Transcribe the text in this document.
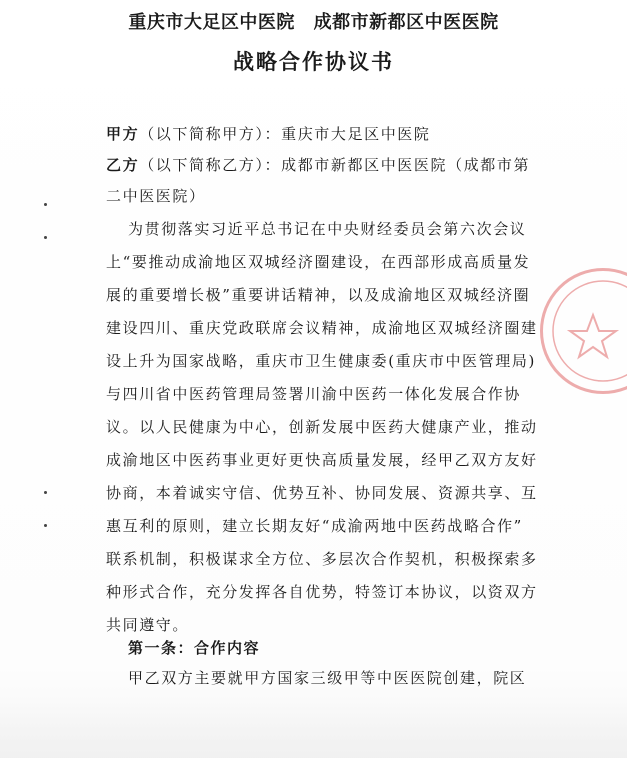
重庆市大足区中医院 成都市新都区中医医院
战略合作协议书
甲方（以下简称甲方）：重庆市大足区中医院
乙方（以下简称乙方）：成都市新都区中医医院（成都市第
二中医医院）
为贯彻落实习近平总书记在中央财经委员会第六次会议
上“要推动成渝地区双城经济圈建设，在西部形成高质量发
展的重要增长极”重要讲话精神，以及成渝地区双城经济圈
建设四川、重庆党政联席会议精神，成渝地区双城经济圈建
设上升为国家战略，重庆市卫生健康委(重庆市中医管理局)
与四川省中医药管理局签署川渝中医药一体化发展合作协
议。以人民健康为中心，创新发展中医药大健康产业，推动
成渝地区中医药事业更好更快高质量发展，经甲乙双方友好
协商，本着诚实守信、优势互补、协同发展、资源共享、互
惠互利的原则，建立长期友好“成渝两地中医药战略合作”
联系机制，积极谋求全方位、多层次合作契机，积极探索多
种形式合作，充分发挥各自优势，特签订本协议，以资双方
共同遵守。
第一条：合作内容
甲乙双方主要就甲方国家三级甲等中医医院创建，院区
